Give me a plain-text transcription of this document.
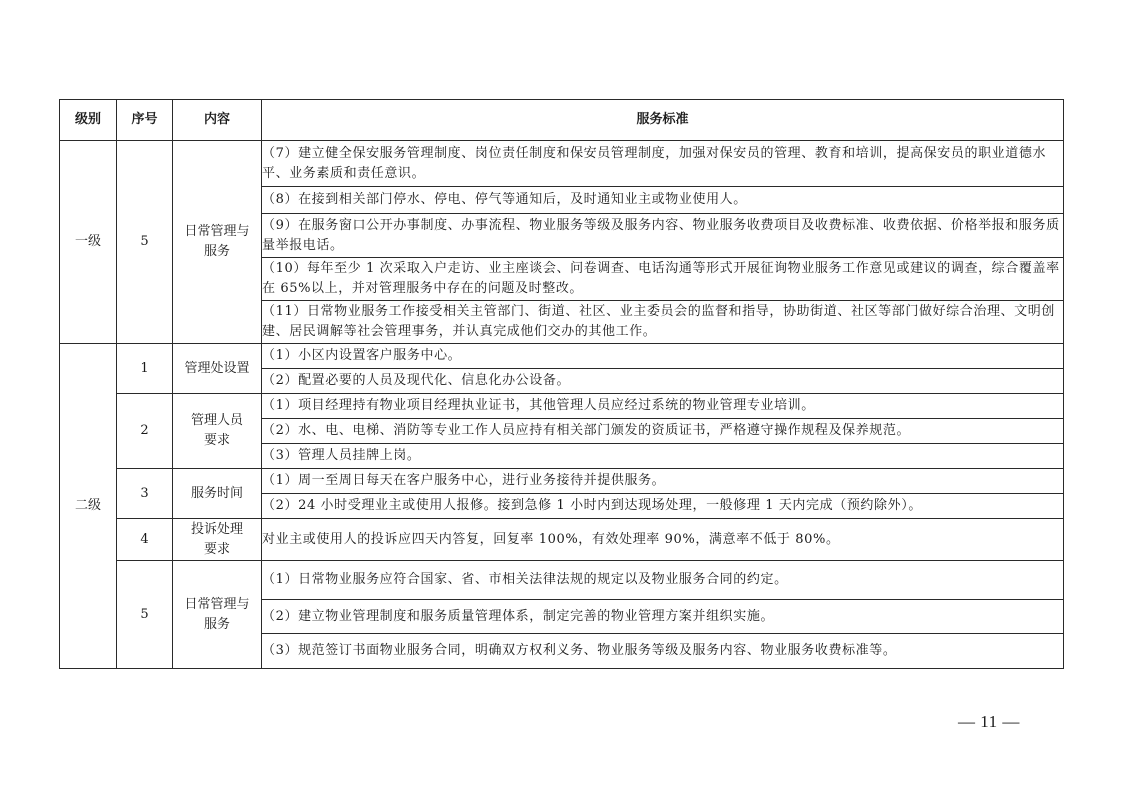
级别	序号	内容	服务标准
一级	5	日常管理与服务	（7）建立健全保安服务管理制度、岗位责任制度和保安员管理制度，加强对保安员的管理、教育和培训，提高保安员的职业道德水平、业务素质和责任意识。
			（8）在接到相关部门停水、停电、停气等通知后，及时通知业主或物业使用人。
			（9）在服务窗口公开办事制度、办事流程、物业服务等级及服务内容、物业服务收费项目及收费标准、收费依据、价格举报和服务质量举报电话。
			（10）每年至少 1 次采取入户走访、业主座谈会、问卷调查、电话沟通等形式开展征询物业服务工作意见或建议的调查，综合覆盖率在 65%以上，并对管理服务中存在的问题及时整改。
			（11）日常物业服务工作接受相关主管部门、街道、社区、业主委员会的监督和指导，协助街道、社区等部门做好综合治理、文明创建、居民调解等社会管理事务，并认真完成他们交办的其他工作。
二级	1	管理处设置	（1）小区内设置客户服务中心。
			（2）配置必要的人员及现代化、信息化办公设备。
	2	管理人员要求	（1）项目经理持有物业项目经理执业证书，其他管理人员应经过系统的物业管理专业培训。
			（2）水、电、电梯、消防等专业工作人员应持有相关部门颁发的资质证书，严格遵守操作规程及保养规范。
			（3）管理人员挂牌上岗。
	3	服务时间	（1）周一至周日每天在客户服务中心，进行业务接待并提供服务。
			（2）24 小时受理业主或使用人报修。接到急修 1 小时内到达现场处理，一般修理 1 天内完成（预约除外）。
	4	投诉处理要求	对业主或使用人的投诉应四天内答复，回复率 100%，有效处理率 90%，满意率不低于 80%。
	5	日常管理与服务	（1）日常物业服务应符合国家、省、市相关法律法规的规定以及物业服务合同的约定。
			（2）建立物业管理制度和服务质量管理体系，制定完善的物业管理方案并组织实施。
			（3）规范签订书面物业服务合同，明确双方权利义务、物业服务等级及服务内容、物业服务收费标准等。
— 11 —
